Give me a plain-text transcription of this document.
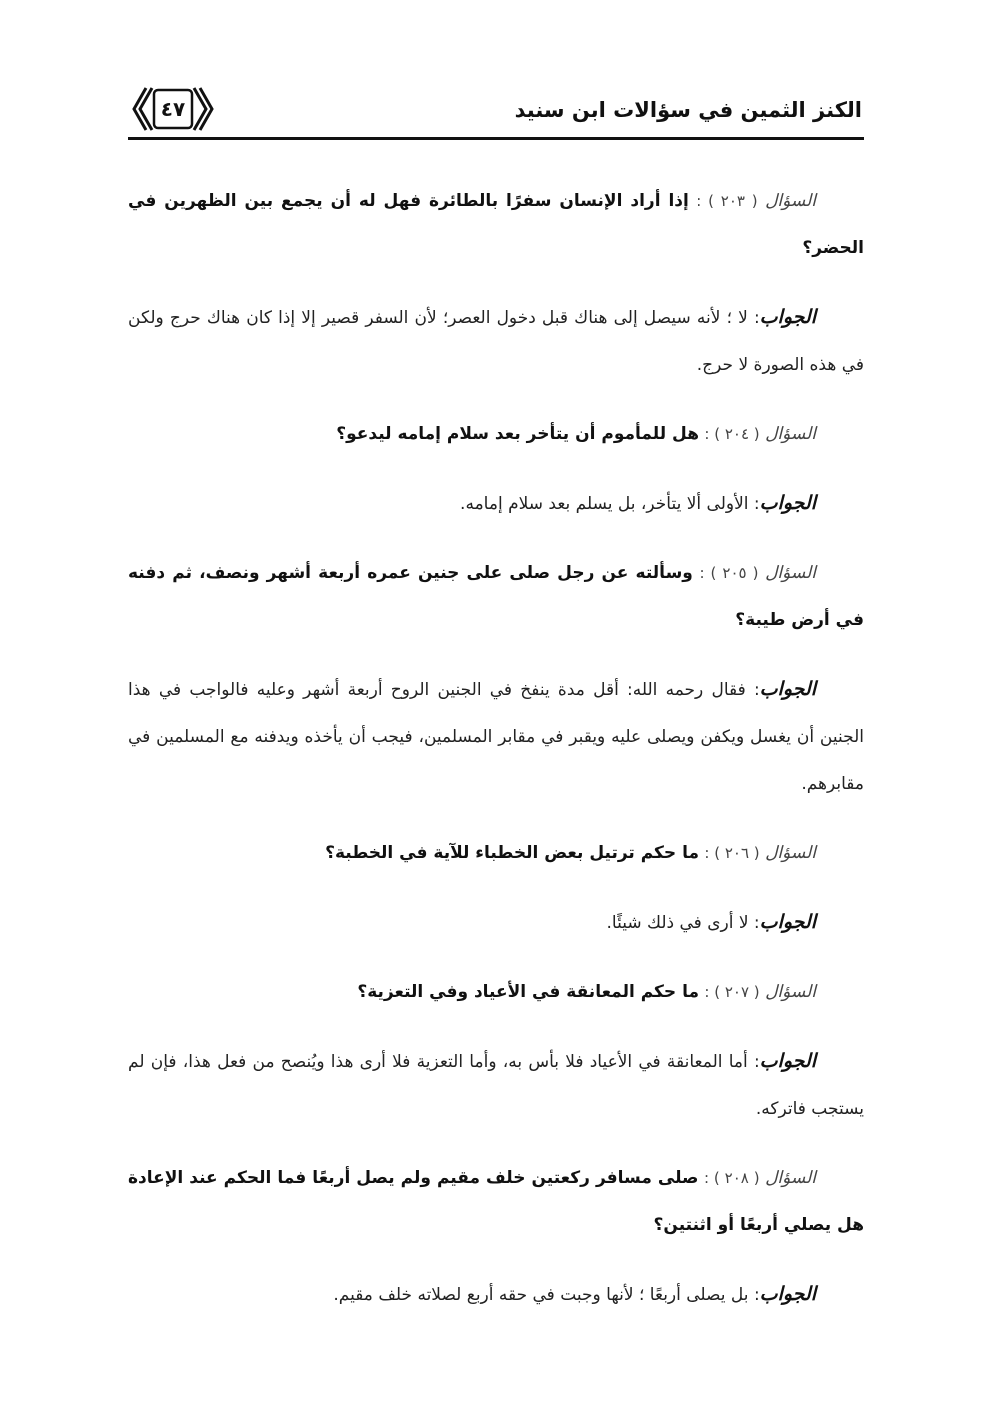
الكنز الثمين في سؤالات ابن سنيد
٤٧
السؤال ( ٢٠٣ ) : إذا أراد الإنسان سفرًا بالطائرة فهل له أن يجمع بين الظهرين في الحضر؟
الجواب: لا ؛ لأنه سيصل إلى هناك قبل دخول العصر؛ لأن السفر قصير إلا إذا كان هناك حرج ولكن في هذه الصورة لا حرج.
السؤال ( ٢٠٤ ) : هل للمأموم أن يتأخر بعد سلام إمامه ليدعو؟
الجواب: الأولى ألا يتأخر، بل يسلم بعد سلام إمامه.
السؤال ( ٢٠٥ ) : وسألته عن رجل صلى على جنين عمره أربعة أشهر ونصف، ثم دفنه في أرض طيبة؟
الجواب: فقال رحمه الله: أقل مدة ينفخ في الجنين الروح أربعة أشهر وعليه فالواجب في هذا الجنين أن يغسل ويكفن ويصلى عليه ويقبر في مقابر المسلمين، فيجب أن يأخذه ويدفنه مع المسلمين في مقابرهم.
السؤال ( ٢٠٦ ) : ما حكم ترتيل بعض الخطباء للآية في الخطبة؟
الجواب: لا أرى في ذلك شيئًا.
السؤال ( ٢٠٧ ) : ما حكم المعانقة في الأعياد وفي التعزية؟
الجواب: أما المعانقة في الأعياد فلا بأس به، وأما التعزية فلا أرى هذا ويُنصح من فعل هذا، فإن لم يستجب فاتركه.
السؤال ( ٢٠٨ ) : صلى مسافر ركعتين خلف مقيم ولم يصل أربعًا فما الحكم عند الإعادة هل يصلي أربعًا أو اثنتين؟
الجواب: بل يصلى أربعًا ؛ لأنها وجبت في حقه أربع لصلاته خلف مقيم.
